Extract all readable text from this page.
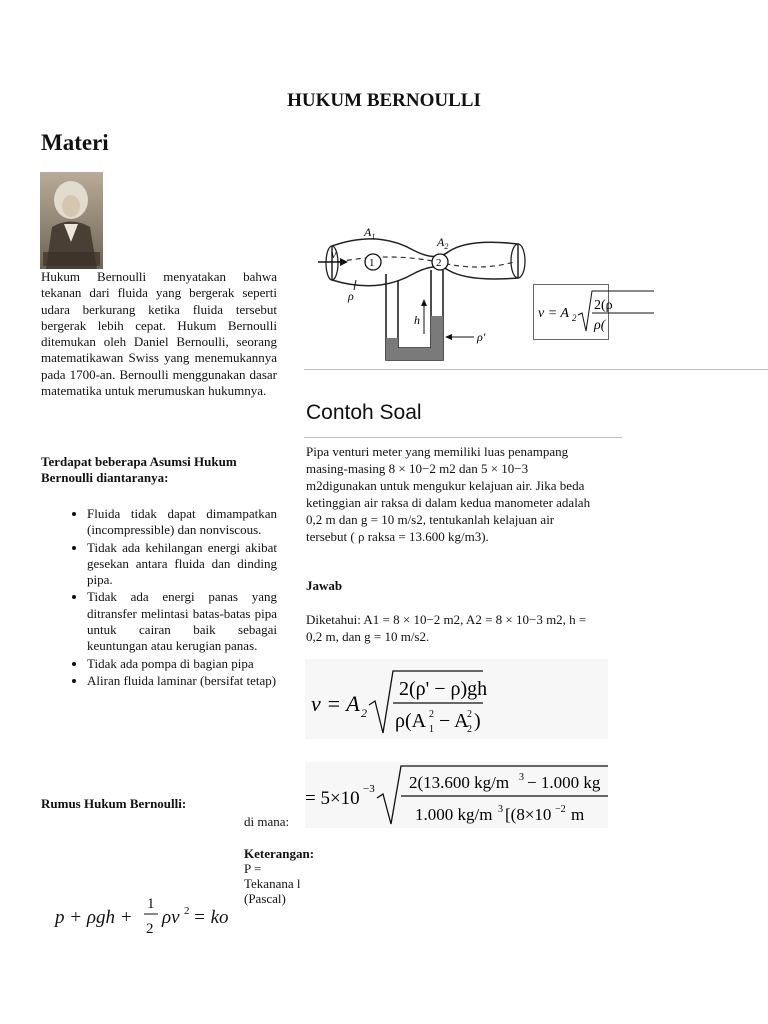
HUKUM BERNOULLI
Materi
Hukum Bernoulli menyatakan bahwa tekanan dari fluida yang bergerak seperti udara berkurang ketika fluida tersebut bergerak lebih cepat. Hukum Bernoulli ditemukan oleh Daniel Bernoulli, seorang matematikawan Swiss yang menemukannya pada 1700-an. Bernoulli menggunakan dasar matematika untuk merumuskan hukumnya.
Terdapat beberapa Asumsi Hukum Bernoulli diantaranya:
• Fluida tidak dapat dimampatkan (incompressible) dan nonviscous.
• Tidak ada kehilangan energi akibat gesekan antara fluida dan dinding pipa.
• Tidak ada energi panas yang ditransfer melintasi batas-batas pipa untuk cairan baik sebagai keuntungan atau kerugian panas.
• Tidak ada pompa di bagian pipa
• Aliran fluida laminar (bersifat tetap)
Rumus Hukum Bernoulli:
p + ρgh +
1
2
ρv 2 = ko
di mana:
Keterangan:
P = Tekanana l (Pascal)
$A_1$	$A_2$
v
1	2
ρ
h
ρ'
v = A 2
2(ρ
ρ(
Contoh Soal
Pipa venturi meter yang memiliki luas penampang masing-masing 8 × 10−2 m2 dan 5 × 10−3 m2digunakan untuk mengukur kelajuan air. Jika beda ketinggian air raksa di dalam kedua manometer adalah 0,2 m dan g = 10 m/s2, tentukanlah kelajuan air tersebut ( ρ raksa = 13.600 kg/m3).
Jawab
Diketahui: A1 = 8 × 10−2 m2, A2 = 8 × 10−3 m2, h = 0,2 m, dan g = 10 m/s2.
v = A 2
2(ρ' − ρ)gh
ρ(A 1
2 − A
2
2 )
= 5×10 −3 2(13.600 kg/m 3 − 1.000 kg
1.000 kg/m 3 [(8×10 −2 m
